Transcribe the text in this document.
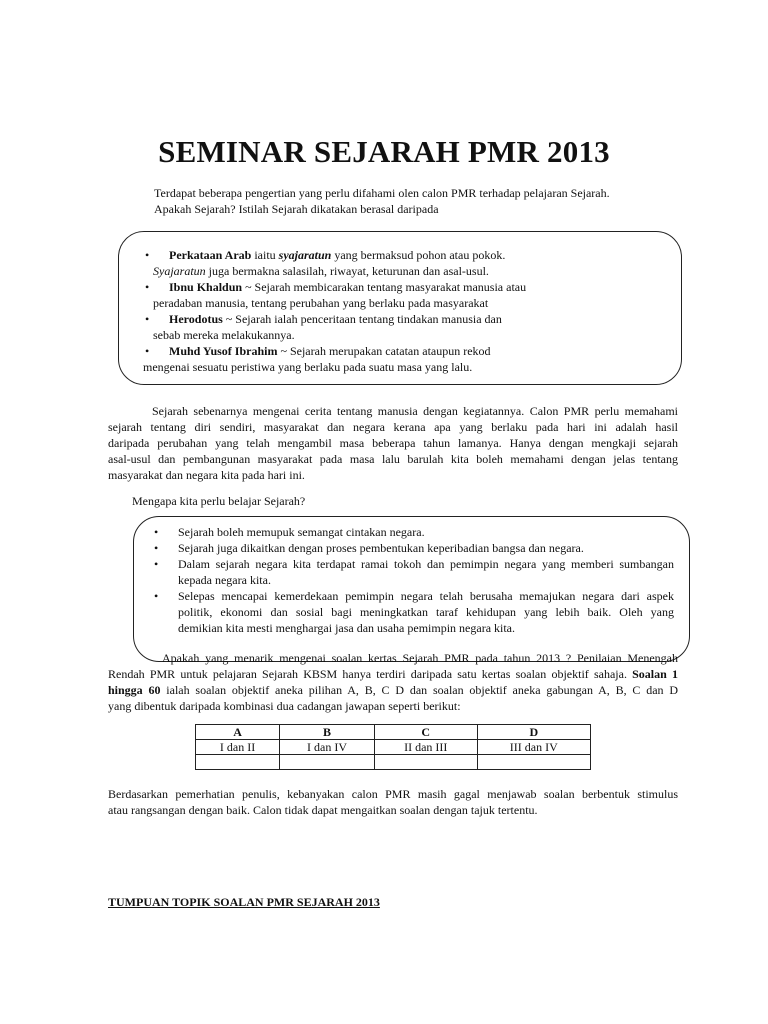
SEMINAR SEJARAH PMR 2013
Terdapat beberapa pengertian yang perlu difahami olen calon PMR terhadap pelajaran Sejarah.
Apakah Sejarah? Istilah Sejarah dikatakan berasal daripada
• Perkataan Arab iaitu syajaratun yang bermaksud pohon atau pokok.
Syajaratun juga bermakna salasilah, riwayat, keturunan dan asal-usul.
• Ibnu Khaldun ~ Sejarah membicarakan tentang masyarakat manusia atau
peradaban manusia, tentang perubahan yang berlaku pada masyarakat
• Herodotus ~ Sejarah ialah penceritaan tentang tindakan manusia dan
sebab mereka melakukannya.
• Muhd Yusof Ibrahim ~ Sejarah merupakan catatan ataupun rekod
mengenai sesuatu peristiwa yang berlaku pada suatu masa yang lalu.
Sejarah sebenarnya mengenai cerita tentang manusia dengan kegiatannya. Calon PMR perlu memahami
sejarah tentang diri sendiri, masyarakat dan negara kerana apa yang berlaku pada hari ini adalah hasil
daripada perubahan yang telah mengambil masa beberapa tahun lamanya. Hanya dengan mengkaji sejarah
asal-usul dan pembangunan masyarakat pada masa lalu barulah kita boleh memahami dengan jelas tentang
masyarakat dan negara kita pada hari ini.
Mengapa kita perlu belajar Sejarah?
• Sejarah boleh memupuk semangat cintakan negara.
• Sejarah juga dikaitkan dengan proses pembentukan keperibadian bangsa dan negara.
• Dalam sejarah negara kita terdapat ramai tokoh dan pemimpin negara yang memberi sumbangan
kepada negara kita.
• Selepas mencapai kemerdekaan pemimpin negara telah berusaha memajukan negara dari aspek
politik, ekonomi dan sosial bagi meningkatkan taraf kehidupan yang lebih baik. Oleh yang
demikian kita mesti menghargai jasa dan usaha pemimpin negara kita.
Apakah yang menarik mengenai soalan kertas Sejarah PMR pada tahun 2013 ? Penilaian Menengah
Rendah PMR untuk pelajaran Sejarah KBSM hanya terdiri daripada satu kertas soalan objektif sahaja. Soalan 1
hingga 60 ialah soalan objektif aneka pilihan A, B, C D dan soalan objektif aneka gabungan A, B, C dan D
yang dibentuk daripada kombinasi dua cadangan jawapan seperti berikut:
A	B	C	D
I dan II	I dan IV	II dan III	III dan IV

Berdasarkan pemerhatian penulis, kebanyakan calon PMR masih gagal menjawab soalan berbentuk stimulus
atau rangsangan dengan baik. Calon tidak dapat mengaitkan soalan dengan tajuk tertentu.
TUMPUAN TOPIK SOALAN PMR SEJARAH 2013
